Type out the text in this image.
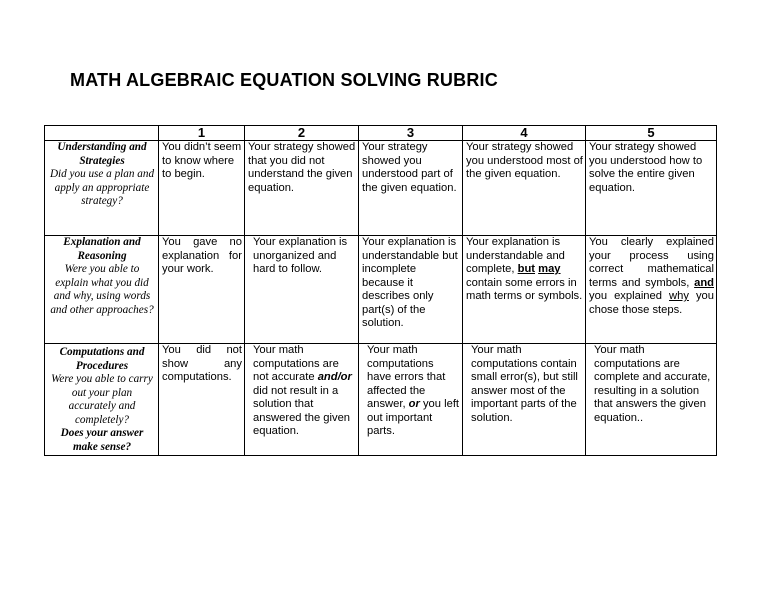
MATH ALGEBRAIC EQUATION SOLVING RUBRIC
	1	2	3	4	5

Understanding and Strategies
Did you use a plan and apply an appropriate strategy?	You didn’t seem to know where to begin.	Your strategy showed that you did not understand the given equation.	Your strategy showed you understood part of the given equation.	Your strategy showed you understood most of the given equation.	Your strategy showed you understood how to solve the entire given equation.

Explanation and Reasoning
Were you able to explain what you did and why, using words and other approaches?	You gave no explanation for your work.	Your explanation is unorganized and hard to follow.	Your explanation is understandable but incomplete because it describes only part(s) of the solution.	Your explanation is understandable and complete, but may contain some errors in math terms or symbols.	You clearly explained your process using correct mathematical terms and symbols, and you explained why you chose those steps.

Computations and Procedures
Were you able to carry out your plan accurately and completely?
Does your answer make sense?	You did not show any computations.	Your math computations are not accurate and/or did not result in a solution that answered the given equation.	Your math computations have errors that affected the answer, or you left out important parts.	Your math computations contain small error(s), but still answer most of the important parts of the solution.	Your math computations are complete and accurate, resulting in a solution that answers the given equation..
